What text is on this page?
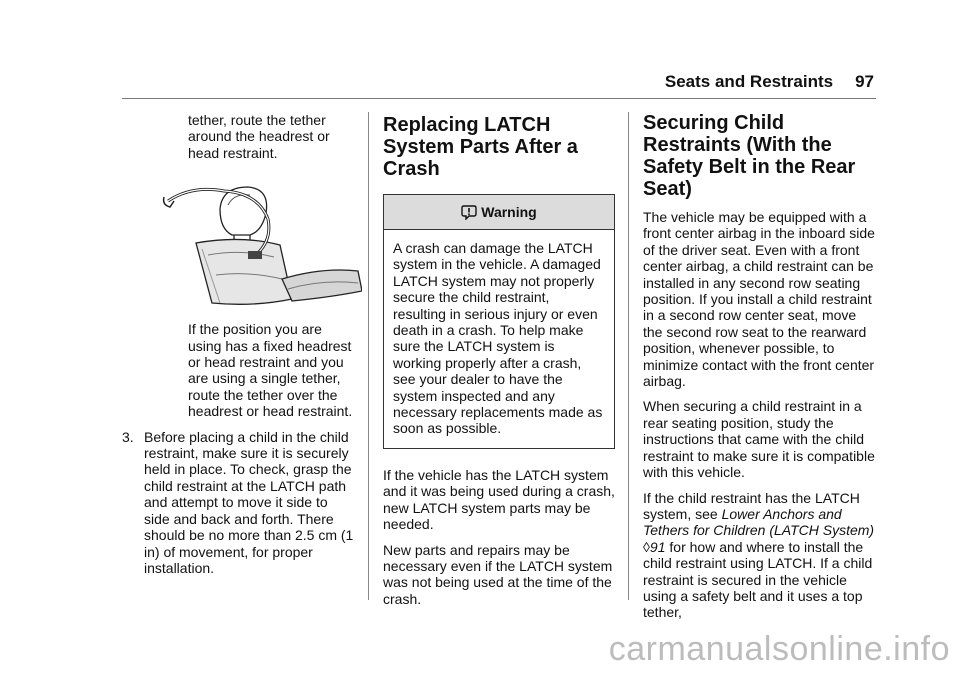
Seats and Restraints 97

tether, route the tether around the headrest or head restraint.

If the position you are using has a fixed headrest or head restraint and you are using a single tether, route the tether over the headrest or head restraint.

3. Before placing a child in the child restraint, make sure it is securely held in place. To check, grasp the child restraint at the LATCH path and attempt to move it side to side and back and forth. There should be no more than 2.5 cm (1 in) of movement, for proper installation.
Replacing LATCH System Parts After a Crash
Warning
A crash can damage the LATCH system in the vehicle. A damaged LATCH system may not properly secure the child restraint, resulting in serious injury or even death in a crash. To help make sure the LATCH system is working properly after a crash, see your dealer to have the system inspected and any necessary replacements made as soon as possible.

If the vehicle has the LATCH system and it was being used during a crash, new LATCH system parts may be needed.

New parts and repairs may be necessary even if the LATCH system was not being used at the time of the crash.

Securing Child Restraints (With the Safety Belt in the Rear Seat)

The vehicle may be equipped with a front center airbag in the inboard side of the driver seat. Even with a front center airbag, a child restraint can be installed in any second row seating position. If you install a child restraint in a second row center seat, move the second row seat to the rearward position, whenever possible, to minimize contact with the front center airbag.

When securing a child restraint in a rear seating position, study the instructions that came with the child restraint to make sure it is compatible with this vehicle.

If the child restraint has the LATCH system, see Lower Anchors and Tethers for Children (LATCH System) ◊91 for how and where to install the child restraint using LATCH. If a child restraint is secured in the vehicle using a safety belt and it uses a top tether,

carmanualsonline.info
